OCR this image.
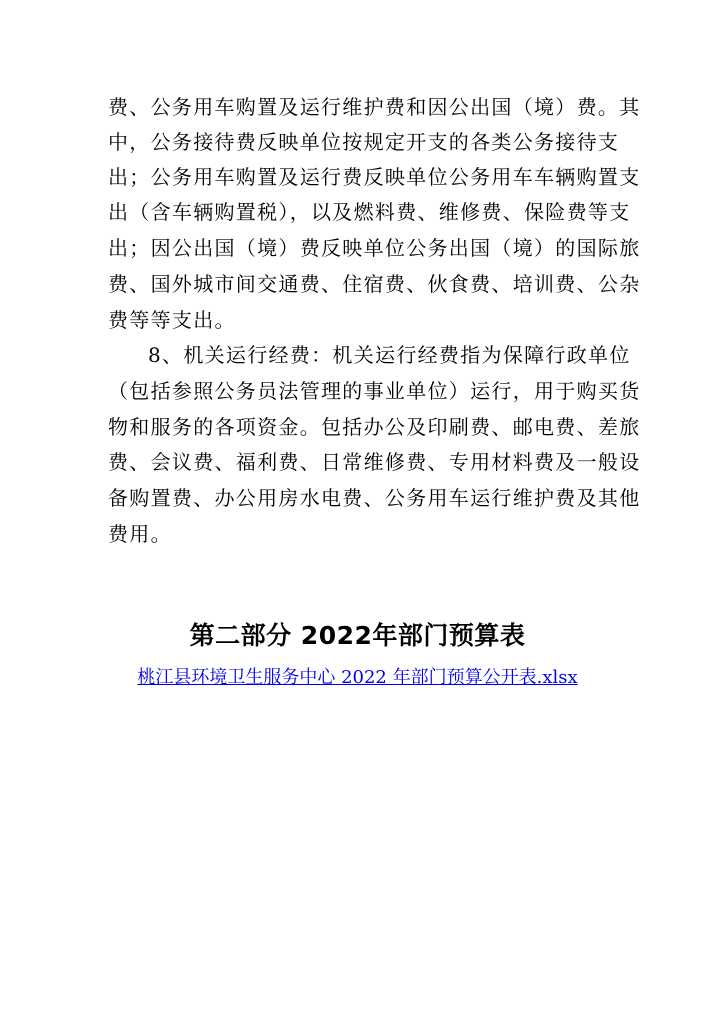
费、公务用车购置及运行维护费和因公出国（境）费。其
中，公务接待费反映单位按规定开支的各类公务接待支
出；公务用车购置及运行费反映单位公务用车车辆购置支
出（含车辆购置税），以及燃料费、维修费、保险费等支
出；因公出国（境）费反映单位公务出国（境）的国际旅
费、国外城市间交通费、住宿费、伙食费、培训费、公杂
费等等支出。
8、机关运行经费：机关运行经费指为保障行政单位
（包括参照公务员法管理的事业单位）运行，用于购买货
物和服务的各项资金。包括办公及印刷费、邮电费、差旅
费、会议费、福利费、日常维修费、专用材料费及一般设
备购置费、办公用房水电费、公务用车运行维护费及其他
费用。
第二部分 2022年部门预算表
桃江县环境卫生服务中心 2022 年部门预算公开表.xlsx
